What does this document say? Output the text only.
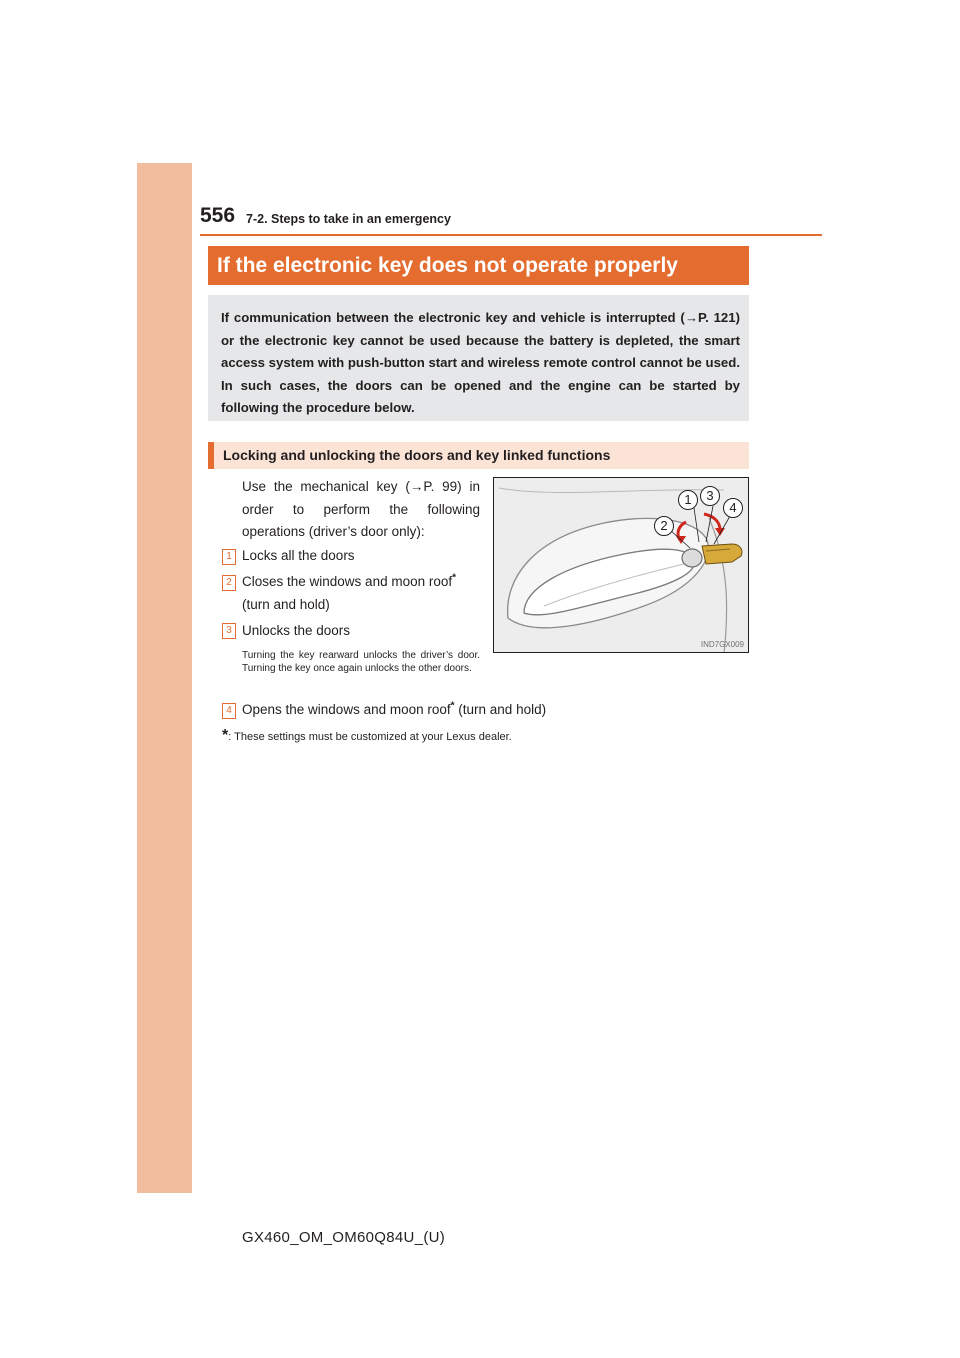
556 7-2. Steps to take in an emergency
If the electronic key does not operate properly
If communication between the electronic key and vehicle is interrupted (→P. 121) or the electronic key cannot be used because the battery is depleted, the smart access system with push-button start and wireless remote control cannot be used. In such cases, the doors can be opened and the engine can be started by following the procedure below.
Locking and unlocking the doors and key linked functions
Use the mechanical key (→P. 99) in order to perform the following operations (driver’s door only):
1 Locks all the doors
2 Closes the windows and moon roof*
(turn and hold)
3 Unlocks the doors
Turning the key rearward unlocks the driver’s door. Turning the key once again unlocks the other doors.
4 Opens the windows and moon roof* (turn and hold)
*: These settings must be customized at your Lexus dealer.
1
2
3
4
IND7GX009
GX460_OM_OM60Q84U_(U)
